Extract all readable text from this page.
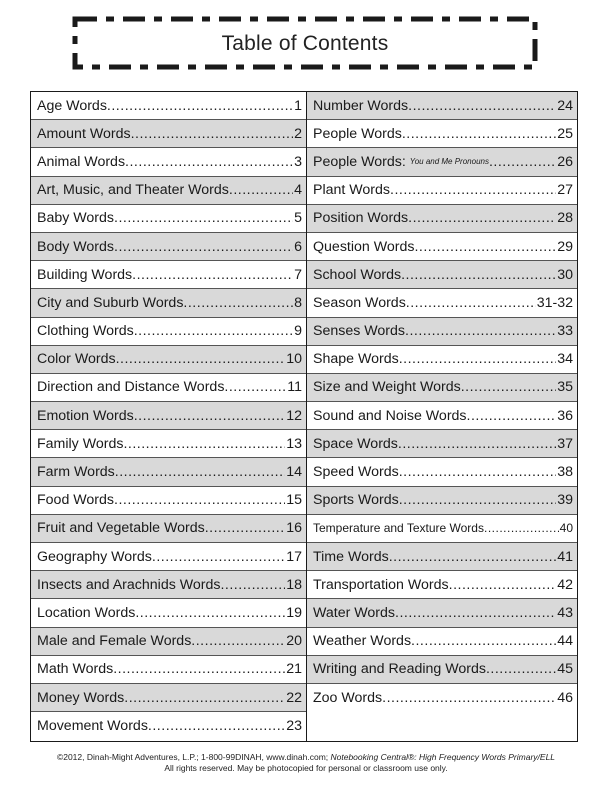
Table of Contents
Age Words .....	1
Amount Words .....	2
Animal Words .....	3
Art, Music, and Theater Words .....	4
Baby Words .....	5
Body Words .....	6
Building Words .....	7
City and Suburb Words .....	8
Clothing Words .....	9
Color Words .....	10
Direction and Distance Words .....	11
Emotion Words .....	12
Family Words .....	13
Farm Words .....	14
Food Words .....	15
Fruit and Vegetable Words .....	16
Geography Words .....	17
Insects and Arachnids Words .....	18
Location Words .....	19
Male and Female Words .....	20
Math Words .....	21
Money Words .....	22
Movement Words .....	23
Number Words .....	24
People Words .....	25
People Words: You and Me Pronouns .....	26
Plant Words .....	27
Position Words .....	28
Question Words .....	29
School Words .....	30
Season Words .....	31-32
Senses Words .....	33
Shape Words .....	34
Size and Weight Words .....	35
Sound and Noise Words .....	36
Space Words .....	37
Speed Words .....	38
Sports Words .....	39
Temperature and Texture Words .....	40
Time Words .....	41
Transportation Words .....	42
Water Words .....	43
Weather Words .....	44
Writing and Reading Words .....	45
Zoo Words .....	46
©2012, Dinah-Might Adventures, L.P.; 1-800-99DINAH, www.dinah.com; Notebooking Central®: High Frequency Words Primary/ELL
All rights reserved. May be photocopied for personal or classroom use only.
